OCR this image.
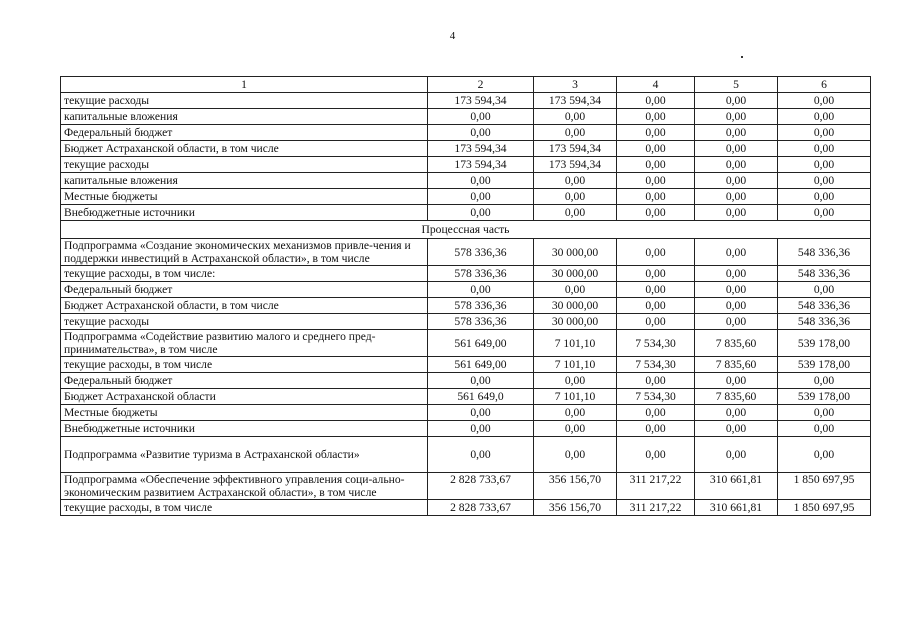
4
1	2	3	4	5	6
текущие расходы	173 594,34	173 594,34	0,00	0,00	0,00
капитальные вложения	0,00	0,00	0,00	0,00	0,00
Федеральный бюджет	0,00	0,00	0,00	0,00	0,00
Бюджет Астраханской области, в том числе	173 594,34	173 594,34	0,00	0,00	0,00
текущие расходы	173 594,34	173 594,34	0,00	0,00	0,00
капитальные вложения	0,00	0,00	0,00	0,00	0,00
Местные бюджеты	0,00	0,00	0,00	0,00	0,00
Внебюджетные источники	0,00	0,00	0,00	0,00	0,00
Процессная часть					
Подпрограмма «Создание экономических механизмов привле-чения и поддержки инвестиций в Астраханской области», в том числе	578 336,36	30 000,00	0,00	0,00	548 336,36
текущие расходы, в том числе:	578 336,36	30 000,00	0,00	0,00	548 336,36
Федеральный бюджет	0,00	0,00	0,00	0,00	0,00
Бюджет Астраханской области, в том числе	578 336,36	30 000,00	0,00	0,00	548 336,36
текущие расходы	578 336,36	30 000,00	0,00	0,00	548 336,36
Подпрограмма «Содействие развитию малого и среднего пред-принимательства», в том числе	561 649,00	7 101,10	7 534,30	7 835,60	539 178,00
текущие расходы, в том числе	561 649,00	7 101,10	7 534,30	7 835,60	539 178,00
Федеральный бюджет	0,00	0,00	0,00	0,00	0,00
Бюджет Астраханской области	561 649,0	7 101,10	7 534,30	7 835,60	539 178,00
Местные бюджеты	0,00	0,00	0,00	0,00	0,00
Внебюджетные источники	0,00	0,00	0,00	0,00	0,00
Подпрограмма «Развитие туризма в Астраханской области»	0,00	0,00	0,00	0,00	0,00
Подпрограмма «Обеспечение эффективного управления соци-ально-экономическим развитием Астраханской области», в том числе	2 828 733,67	356 156,70	311 217,22	310 661,81	1 850 697,95
текущие расходы, в том числе	2 828 733,67	356 156,70	311 217,22	310 661,81	1 850 697,95
